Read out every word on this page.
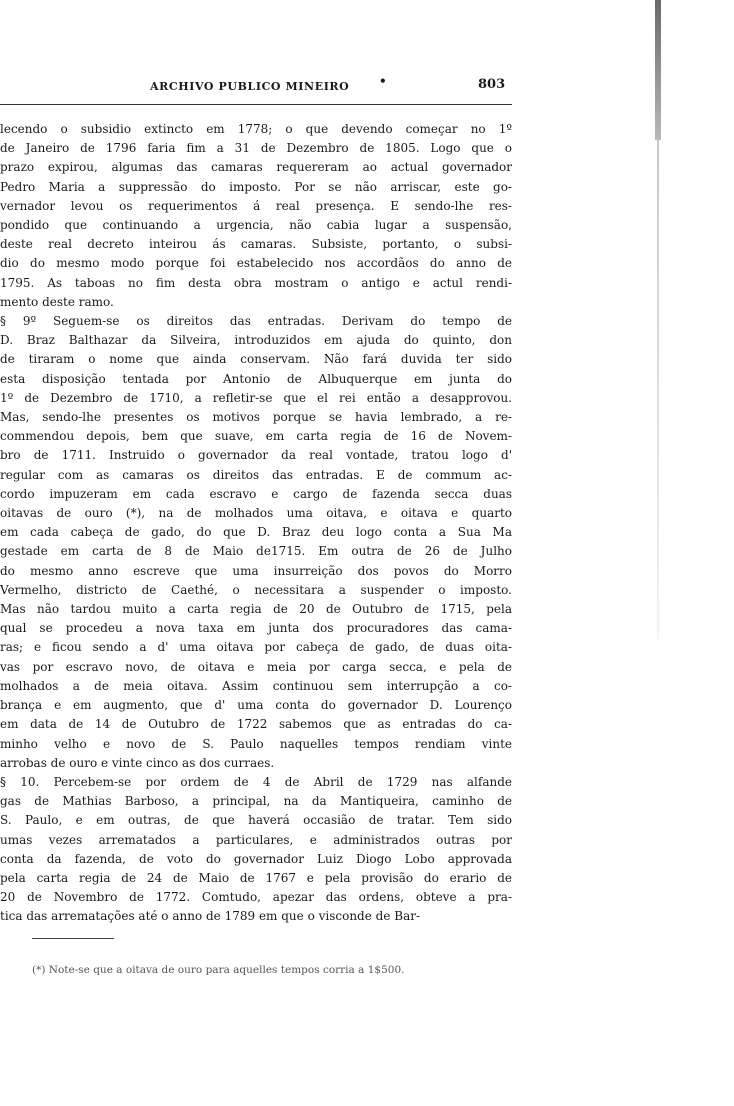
ARCHIVO PUBLICO MINEIRO •	803
lecendo o subsidio extincto em 1778; o que devendo começar no 1º
de Janeiro de 1796 faria fim a 31 de Dezembro de 1805. Logo que o
prazo expirou, algumas das camaras requereram ao actual governador
Pedro Maria a suppressão do imposto. Por se não arriscar, este go-
vernador levou os requerimentos á real presença. E sendo-lhe res-
pondido que continuando a urgencia, não cabia lugar a suspensão,
deste real decreto inteirou ás camaras. Subsiste, portanto, o subsi-
dio do mesmo modo porque foi estabelecido nos accordãos do anno de
1795. As taboas no fim desta obra mostram o antigo e actul rendi-
mento deste ramo.
§ 9º Seguem-se os direitos das entradas. Derivam do tempo de
D. Braz Balthazar da Silveira, introduzidos em ajuda do quinto, don
de tiraram o nome que ainda conservam. Não fará duvida ter sido
esta disposição tentada por Antonio de Albuquerque em junta do
1º de Dezembro de 1710, a refletir-se que el rei então a desapprovou.
Mas, sendo-lhe presentes os motivos porque se havia lembrado, a re-
commendou depois, bem que suave, em carta regia de 16 de Novem-
bro de 1711. Instruido o governador da real vontade, tratou logo d'
regular com as camaras os direitos das entradas. E de commum ac-
cordo impuzeram em cada escravo e cargo de fazenda secca duas
oitavas de ouro (*), na de molhados uma oitava, e oitava e quarto
em cada cabeça de gado, do que D. Braz deu logo conta a Sua Ma
gestade em carta de 8 de Maio de1715. Em outra de 26 de Julho
do mesmo anno escreve que uma insurreição dos povos do Morro
Vermelho, districto de Caethé, o necessitara a suspender o imposto.
Mas não tardou muito a carta regia de 20 de Outubro de 1715, pela
qual se procedeu a nova taxa em junta dos procuradores das cama-
ras; e ficou sendo a d' uma oitava por cabeça de gado, de duas oita-
vas por escravo novo, de oitava e meia por carga secca, e pela de
molhados a de meia oitava. Assim continuou sem interrupção a co-
brança e em augmento, que d' uma conta do governador D. Lourenço
em data de 14 de Outubro de 1722 sabemos que as entradas do ca-
minho velho e novo de S. Paulo naquelles tempos rendiam vinte
arrobas de ouro e vinte cinco as dos curraes.
§ 10. Percebem-se por ordem de 4 de Abril de 1729 nas alfande
gas de Mathias Barboso, a principal, na da Mantiqueira, caminho de
S. Paulo, e em outras, de que haverá occasião de tratar. Tem sido
umas vezes arrematados a particulares, e administrados outras por
conta da fazenda, de voto do governador Luiz Diogo Lobo approvada
pela carta regia de 24 de Maio de 1767 e pela provisão do erario de
20 de Novembro de 1772. Comtudo, apezar das ordens, obteve a pra-
tica das arrematações até o anno de 1789 em que o visconde de Bar-
(*) Note-se que a oitava de ouro para aquelles tempos corria a 1$500.
